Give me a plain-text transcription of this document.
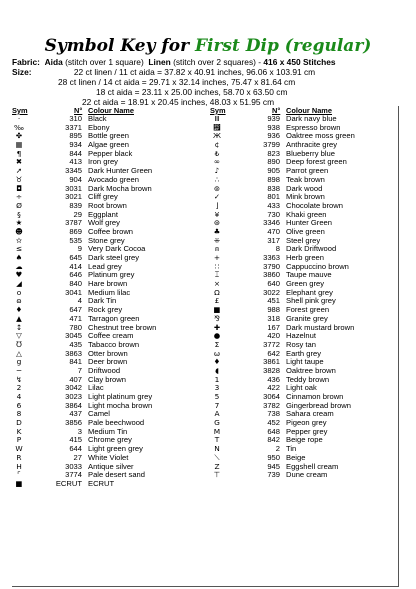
Symbol Key for First Dip (regular)
Fabric: Aida (stitch over 1 square) Linen (stitch over 2 squares) - 416 x 450 Stitches
Size:	22 ct linen / 11 ct aida = 37.82 x 40.91 inches, 96.06 x 103.91 cm
28 ct linen / 14 ct aida = 29.71 x 32.14 inches, 75.47 x 81.64 cm
18 ct aida = 23.11 x 25.00 inches, 58.70 x 63.50 cm
22 ct aida = 18.91 x 20.45 inches, 48.03 x 51.95 cm
Sym	N° Colour Name
·	310 Black
‰	3371 Ebony
✤	895 Bottle green
▦	934 Algae green
¶	844 Pepper black
✖	413 Iron grey
➚	3345 Dark Hunter Green
♉	904 Avocado green
◘	3031 Dark Mocha brown
÷	3021 Cliff grey
Ø	839 Root brown
§	29 Eggplant
★	3787 Wolf grey
☻	869 Coffee brown
✫	535 Stone grey
≤	9 Very Dark Cocoa
♠	645 Dark steel grey
☁	414 Lead grey
♥	646 Platinum grey
◢	840 Hare brown
o	3041 Medium lilac
ɷ	4 Dark Tin
♦	647 Rock grey
▲	471 Tarragon green
↕	780 Chestnut tree brown
▽	3045 Coffee cream
℧	435 Tabacco brown
△	3863 Otter brown
g	841 Deer brown
−	7 Driftwood
↯	407 Clay brown
2	3042 Lilac
4	3023 Light platinum grey
6	3864 Light mocha brown
8	437 Camel
D	3856 Pale beechwood
K	3 Medium Tin
P	415 Chrome grey
W	644 Light green grey
R	27 White Violet
H	3033 Antique silver
⌜	3774 Pale desert sand
■	ECRUT ECRUT
Sym	N° Colour Name
Ⅲ	939 Dark navy blue
⴯	938 Espresso brown
Ж	936 Oaktree moss green
¢	3799 Anthracite grey
₺	823 Blueberry blue
∞	890 Deep forest green
♪	905 Parrot green
∴	898 Teak brown
⊚	838 Dark wood
✓	801 Mink brown
⌋	433 Chocolate brown
¥	730 Khaki green
⊛	3346 Hunter Green
♣	470 Olive green
⁜	317 Steel grey
⍝	8 Dark Driftwood
+	3363 Herb green
∷	3790 Cappuccino brown
⌶	3860 Taupe mauve
×	640 Green grey
Ω	3022 Elephant grey
£	451 Shell pink grey
■	988 Forest green
⅋	318 Granite grey
✚	167 Dark mustard brown
●	420 Hazelnut
Σ	3772 Rosy tan
ω	642 Earth grey
♦	3861 Light taupe
◖	3828 Oaktree brown
1	436 Teddy brown
3	422 Light oak
5	3064 Cinnamon brown
7	3782 Gingerbread brown
A	738 Sahara cream
G	452 Pigeon grey
M	648 Pepper grey
T	842 Beige rope
N	2 Tin
⟍	950 Beige
Z	945 Eggshell cream
⊤	739 Dune cream
